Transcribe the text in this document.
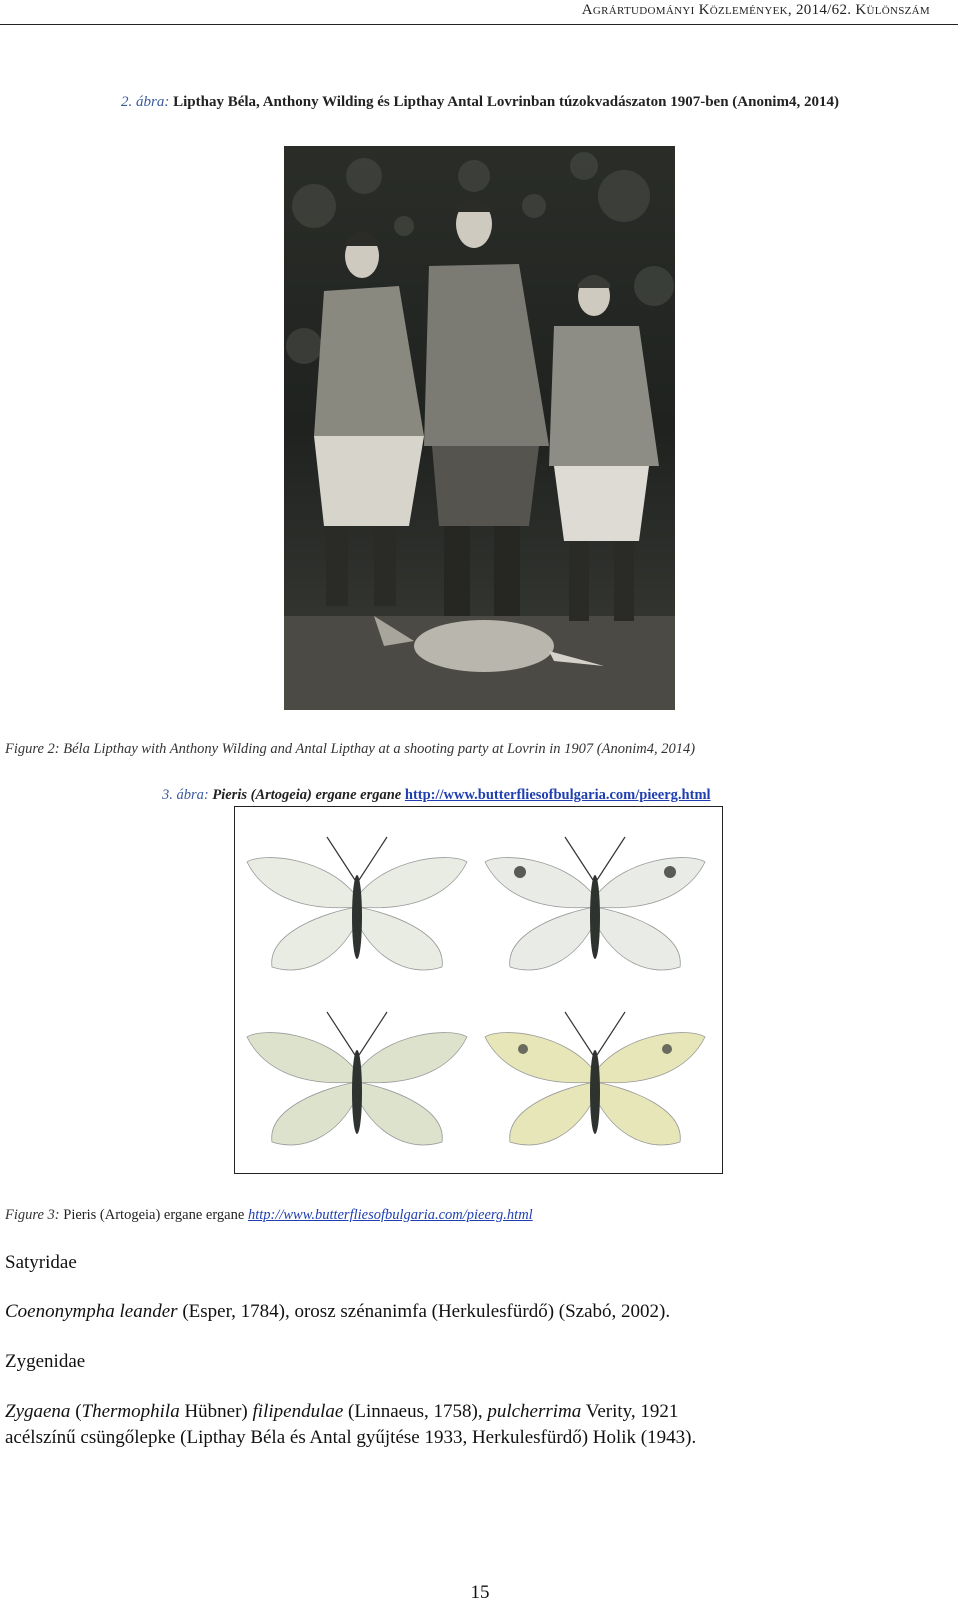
Agrártudományi Közlemények, 2014/62. Különszám
2. ábra: Lipthay Béla, Anthony Wilding és Lipthay Antal Lovrinban túzokvadászaton 1907-ben (Anonim4, 2014)
Figure 2: Béla Lipthay with Anthony Wilding and Antal Lipthay at a shooting party at Lovrin in 1907 (Anonim4, 2014)
3. ábra: Pieris (Artogeia) ergane ergane http://www.butterfliesofbulgaria.com/pieerg.html
Figure 3: Pieris (Artogeia) ergane ergane http://www.butterfliesofbulgaria.com/pieerg.html
Satyridae
Coenonympha leander (Esper, 1784), orosz szénanimfa (Herkulesfürdő) (Szabó, 2002).
Zygenidae
Zygaena (Thermophila Hübner) filipendulae (Linnaeus, 1758), pulcherrima Verity, 1921
acélszínű csüngőlepke (Lipthay Béla és Antal gyűjtése 1933, Herkulesfürdő) Holik (1943).
15
